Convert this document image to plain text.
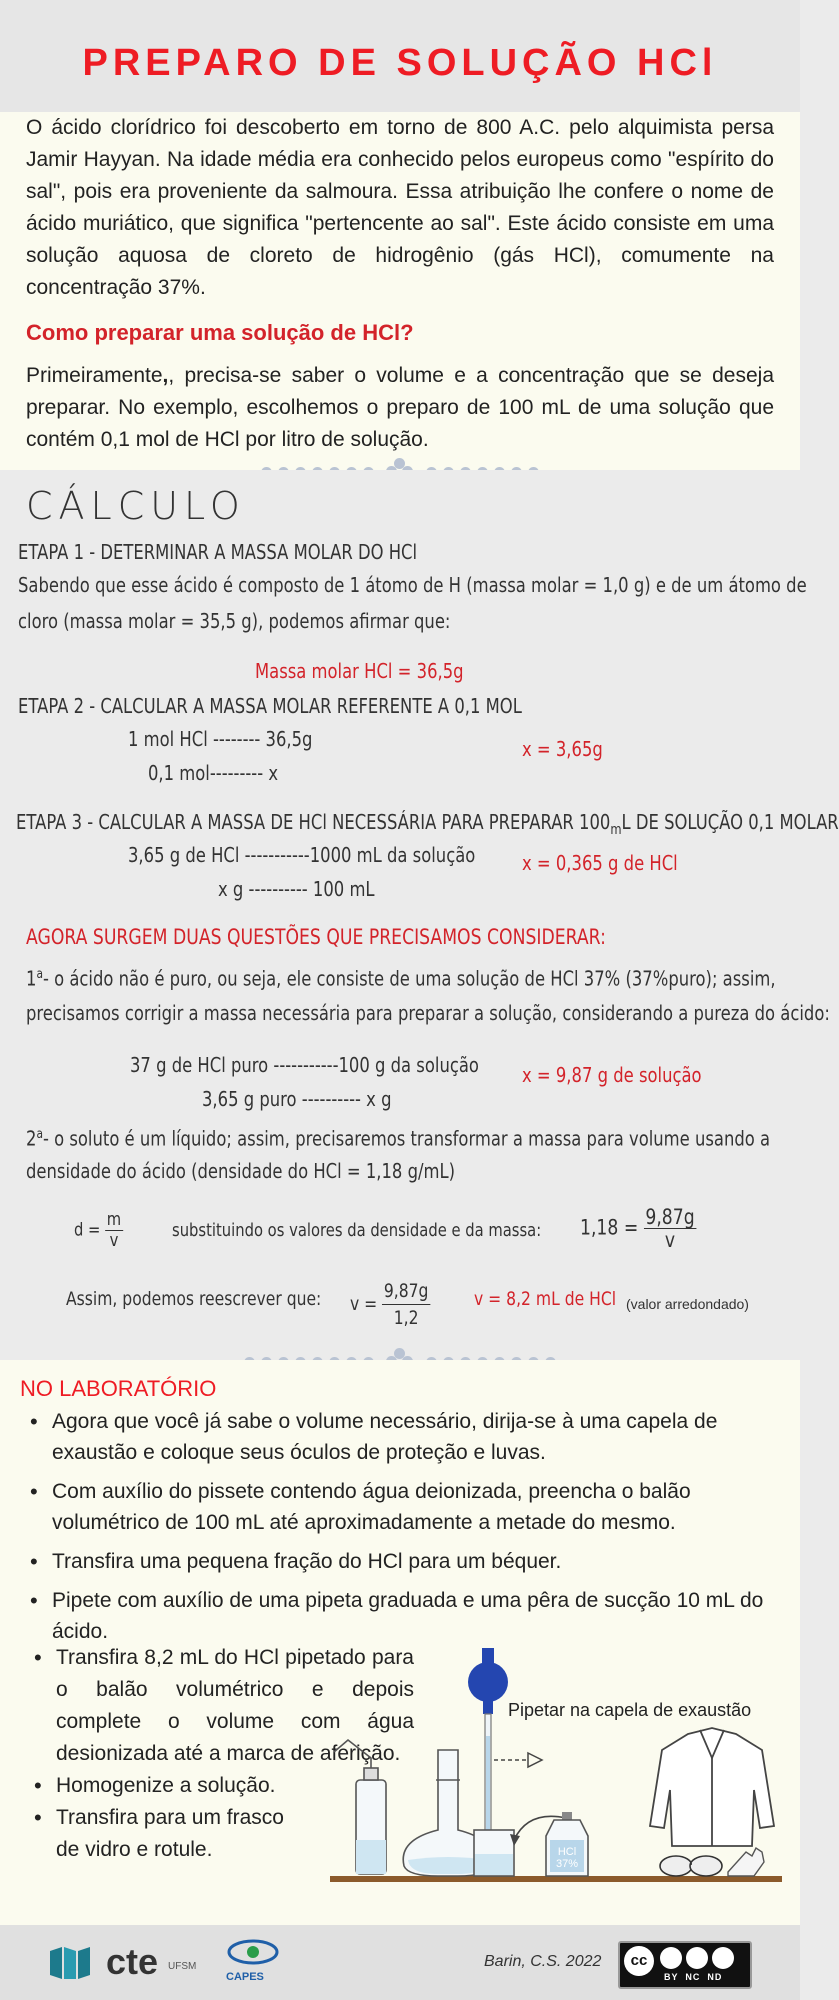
PREPARO DE SOLUÇÃO HCl
O ácido clorídrico foi descoberto em torno de 800 A.C. pelo alquimista persa Jamir Hayyan. Na idade média era conhecido pelos europeus como "espírito do sal", pois era proveniente da salmoura. Essa atribuição lhe confere o nome de ácido muriático, que significa "pertencente ao sal". Este ácido consiste em uma solução aquosa de cloreto de hidrogênio (gás HCl), comumente na concentração 37%.
Como preparar uma solução de HCl?
Primeiramente,, precisa-se saber o volume e a concentração que se deseja preparar. No exemplo, escolhemos o preparo de 100 mL de uma solução que contém 0,1 mol de HCl por litro de solução.
CÁLCULO
ETAPA 1 - DETERMINAR A MASSA MOLAR DO HCl
Sabendo que esse ácido é composto de 1 átomo de H (massa molar = 1,0 g) e de um átomo de
cloro (massa molar = 35,5 g), podemos afirmar que:
Massa molar HCl = 36,5g
ETAPA 2 - CALCULAR A MASSA MOLAR REFERENTE A 0,1 MOL
1 mol HCl -------- 36,5g
0,1 mol--------- x
x = 3,65g
ETAPA 3 - CALCULAR A MASSA DE HCl NECESSÁRIA PARA PREPARAR $100_mL$ DE SOLUÇÃO 0,1 MOLAR
3,65 g de HCl -----------1000 mL da solução
x g ---------- 100 mL
x = 0,365 g de HCl
AGORA SURGEM DUAS QUESTÕES QUE PRECISAMOS CONSIDERAR:
1$^a$- o ácido não é puro, ou seja, ele consiste de uma solução de HCl 37% (37%puro); assim,
precisamos corrigir a massa necessária para preparar a solução, considerando a pureza do ácido:
37 g de HCl puro -----------100 g da solução
3,65 g puro ---------- x g
x = 9,87 g de solução
2$^a$- o soluto é um líquido; assim, precisaremos transformar a massa para volume usando a
densidade do ácido (densidade do HCl = 1,18 g/mL)
$d = \frac{m}{v}$	substituindo os valores da densidade e da massa: $1,18 = \frac{9,87g}{v}$
Assim, podemos reescrever que: $v = \frac{9,87g}{1,2}$ v = 8,2 mL de HCl (valor arredondado)
NO LABORATÓRIO
• Agora que você já sabe o volume necessário, dirija-se à uma capela de exaustão e coloque seus óculos de proteção e luvas.
• Com auxílio do pissete contendo água deionizada, preencha o balão volumétrico de 100 mL até aproximadamente a metade do mesmo.
• Transfira uma pequena fração do HCl para um béquer.
• Pipete com auxílio de uma pipeta graduada e uma pêra de sucção 10 mL do ácido.
• Transfira 8,2 mL do HCl pipetado para o balão volumétrico e depois complete o volume com água desionizada até a marca de aferição.
• Homogenize a solução.
• Transfira para um frasco de vidro e rotule.	HCl
37%
Pipetar na capela de exaustão
cte UFSM
CAPES
Barin, C.S. 2022	cc
BY  NC  ND
